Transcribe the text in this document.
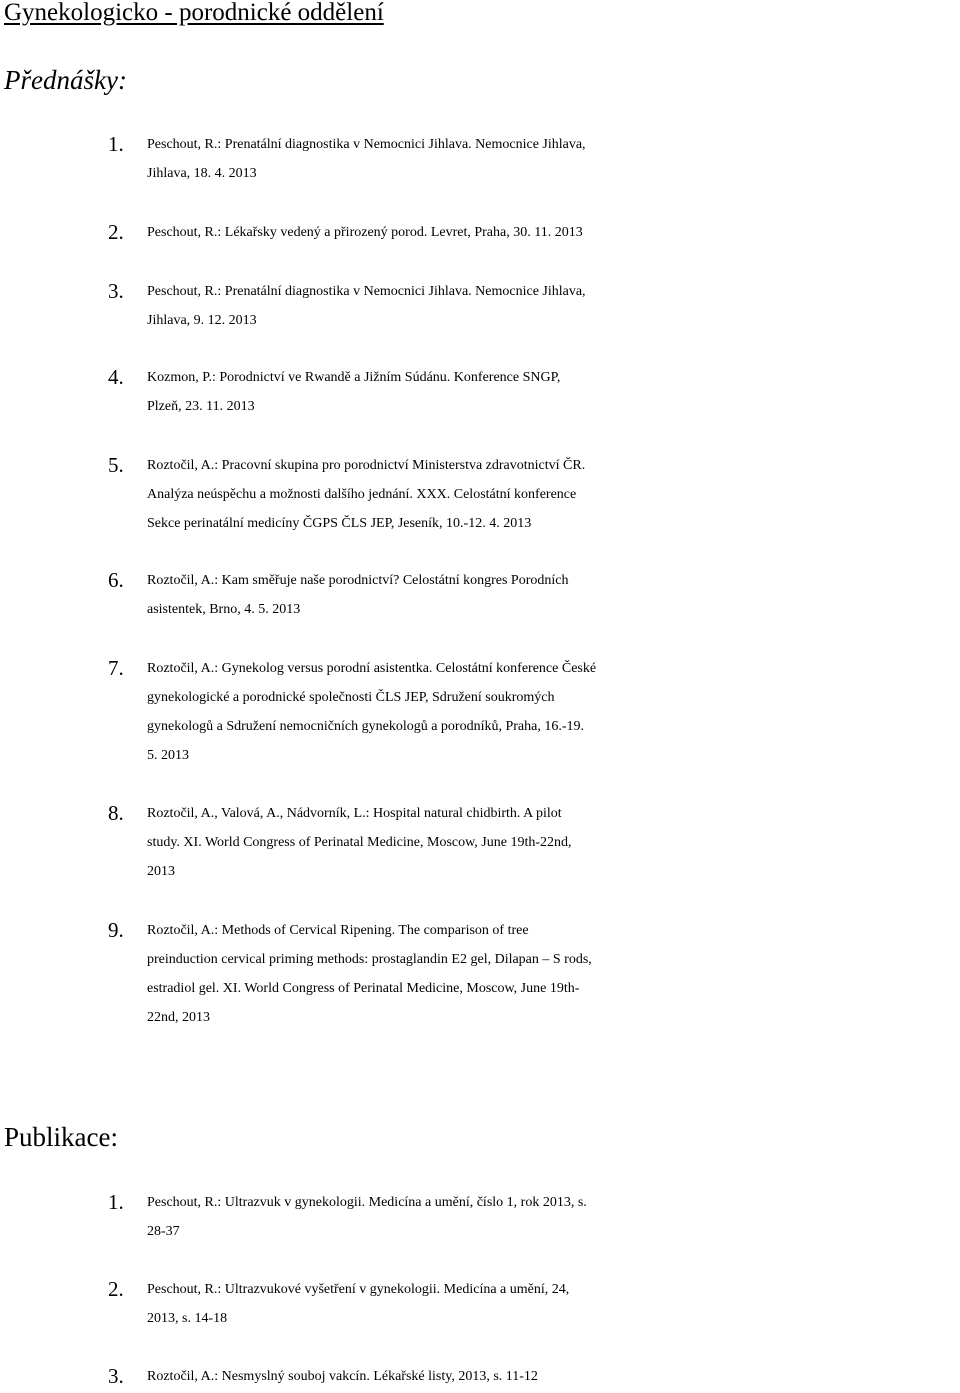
Gynekologicko - porodnické oddělení
Přednášky:
1. Peschout, R.: Prenatální diagnostika v Nemocnici Jihlava. Nemocnice Jihlava,
Jihlava, 18. 4. 2013
2. Peschout, R.: Lékařsky vedený a přirozený porod. Levret, Praha, 30. 11. 2013
3. Peschout, R.: Prenatální diagnostika v Nemocnici Jihlava. Nemocnice Jihlava,
Jihlava, 9. 12. 2013
4. Kozmon, P.: Porodnictví ve Rwandě a Jižním Súdánu. Konference SNGP,
Plzeň, 23. 11. 2013
5. Roztočil, A.: Pracovní skupina pro porodnictví Ministerstva zdravotnictví ČR.
Analýza neúspěchu a možnosti dalšího jednání. XXX. Celostátní konference
Sekce perinatální medicíny ČGPS ČLS JEP, Jeseník, 10.-12. 4. 2013
6. Roztočil, A.: Kam směřuje naše porodnictví? Celostátní kongres Porodních
asistentek, Brno, 4. 5. 2013
7. Roztočil, A.: Gynekolog versus porodní asistentka. Celostátní konference České
gynekologické a porodnické společnosti ČLS JEP, Sdružení soukromých
gynekologů a Sdružení nemocničních gynekologů a porodníků, Praha, 16.-19.
5. 2013
8. Roztočil, A., Valová, A., Nádvorník, L.: Hospital natural chidbirth. A pilot
study. XI. World Congress of Perinatal Medicine, Moscow, June 19th-22nd,
2013
9. Roztočil, A.: Methods of Cervical Ripening. The comparison of tree
preinduction cervical priming methods: prostaglandin E2 gel, Dilapan – S rods,
estradiol gel. XI. World Congress of Perinatal Medicine, Moscow, June 19th-
22nd, 2013
Publikace:
1. Peschout, R.: Ultrazvuk v gynekologii. Medicína a umění, číslo 1, rok 2013, s.
28-37
2. Peschout, R.: Ultrazvukové vyšetření v gynekologii. Medicína a umění, 24,
2013, s. 14-18
3. Roztočil, A.: Nesmyslný souboj vakcín. Lékařské listy, 2013, s. 11-12
